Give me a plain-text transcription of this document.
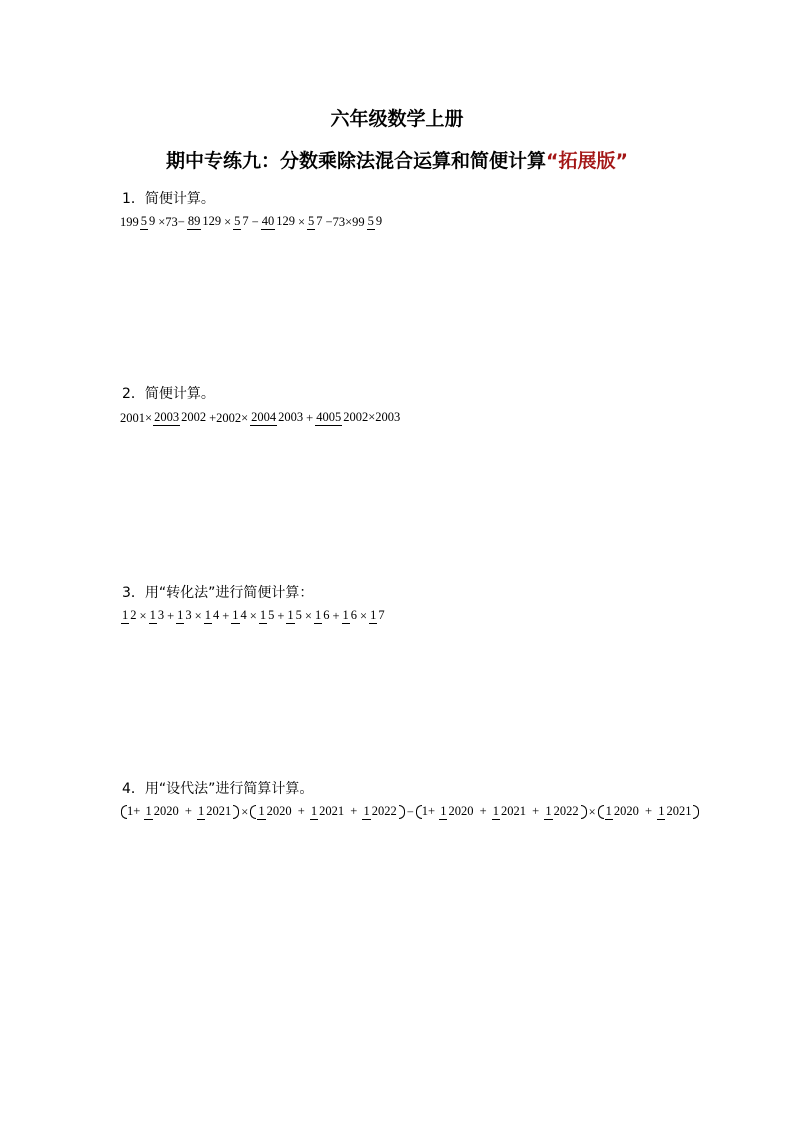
六年级数学上册
期中专练九：分数乘除法混合运算和简便计算“拓展版”
1．简便计算。
199 5 9 ×73− 89 129 × 5 7 − 40 129 × 5 7 −73×99 5 9
2．简便计算。
2001× 2003 2002 +2002× 2004 2003 + 4005 2002×2003
3．用“转化法”进行简便计算：
1 2 × 1 3 + 1 3 × 1 4 + 1 4 × 1 5 + 1 5 × 1 6 + 1 6 × 1 7
4．用“设代法”进行简算计算。
1+ 1 2020 + 1 2021 × 1 2020 + 1 2021 + 1 2022 − 1+ 1 2020 + 1 2021 + 1 2022 × 1 2020 + 1 2021
